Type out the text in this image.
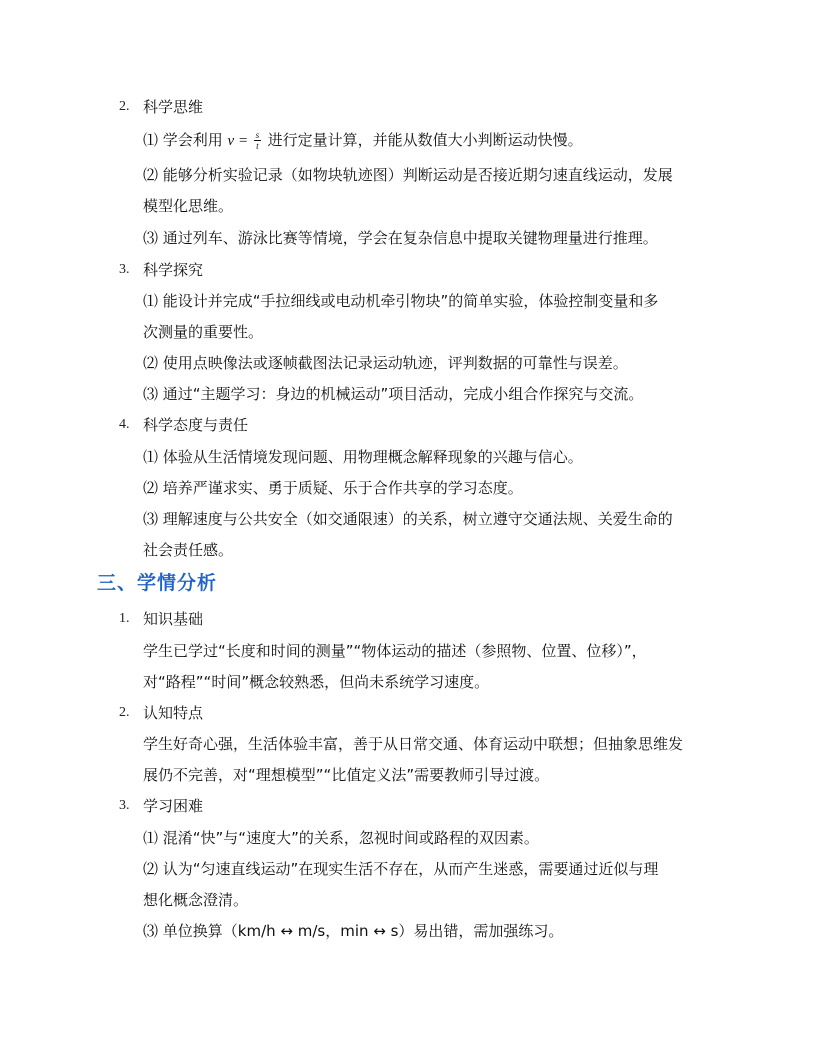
2. 科学思维
⑴ 学会利用 $v = \frac{s}{t}$ 进行定量计算，并能从数值大小判断运动快慢。
⑵ 能够分析实验记录（如物块轨迹图）判断运动是否接近期匀速直线运动，发展
模型化思维。
⑶ 通过列车、游泳比赛等情境，学会在复杂信息中提取关键物理量进行推理。
3. 科学探究
⑴ 能设计并完成“手拉细线或电动机牵引物块”的简单实验，体验控制变量和多
次测量的重要性。
⑵ 使用点映像法或逐帧截图法记录运动轨迹，评判数据的可靠性与误差。
⑶ 通过“主题学习：身边的机械运动”项目活动，完成小组合作探究与交流。
4. 科学态度与责任
⑴ 体验从生活情境发现问题、用物理概念解释现象的兴趣与信心。
⑵ 培养严谨求实、勇于质疑、乐于合作共享的学习态度。
⑶ 理解速度与公共安全（如交通限速）的关系，树立遵守交通法规、关爱生命的
社会责任感。
三、学情分析
1. 知识基础
学生已学过“长度和时间的测量”“物体运动的描述（参照物、位置、位移）”，
对“路程”“时间”概念较熟悉，但尚未系统学习速度。
2. 认知特点
学生好奇心强，生活体验丰富，善于从日常交通、体育运动中联想；但抽象思维发
展仍不完善，对“理想模型”“比值定义法”需要教师引导过渡。
3. 学习困难
⑴ 混淆“快”与“速度大”的关系，忽视时间或路程的双因素。
⑵ 认为“匀速直线运动”在现实生活不存在，从而产生迷惑，需要通过近似与理
想化概念澄清。
⑶ 单位换算（km/h ↔ m/s，min ↔ s）易出错，需加强练习。
